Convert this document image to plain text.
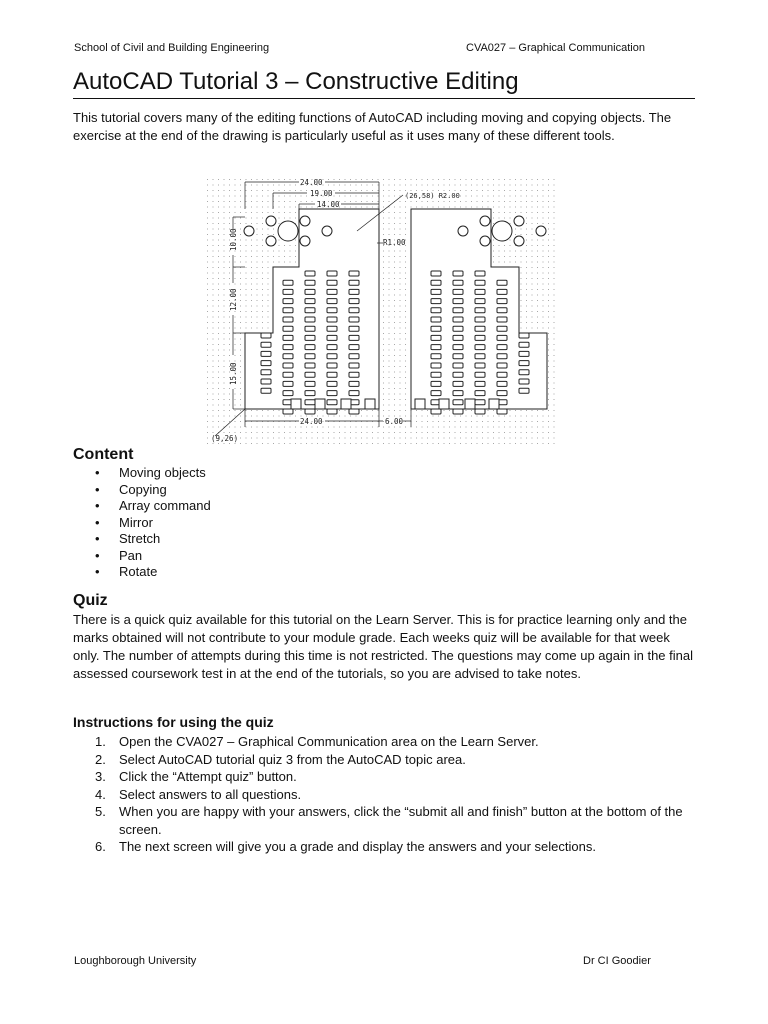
School of Civil and Building Engineering	CVA027 – Graphical Communication
AutoCAD Tutorial 3 – Constructive Editing

This tutorial covers many of the editing functions of AutoCAD including moving and copying objects. The exercise at the end of the drawing is particularly useful as it uses many of these different tools.

24.00
19.00
14.00
(26,58) R2.00
R1.00
10.00
12.00
15.00
24.00	6.00
(9,26)
Content
• Moving objects
• Copying
• Array command
• Mirror
• Stretch
• Pan
• Rotate
Quiz

There is a quick quiz available for this tutorial on the Learn Server. This is for practice learning only and the marks obtained will not contribute to your module grade. Each weeks quiz will be available for that week only. The number of attempts during this time is not restricted. The questions may come up again in the final assessed coursework test in at the end of the tutorials, so you are advised to take notes.

Instructions for using the quiz
1. Open the CVA027 – Graphical Communication area on the Learn Server.
2. Select AutoCAD tutorial quiz 3 from the AutoCAD topic area.
3. Click the “Attempt quiz” button.
4. Select answers to all questions.
5. When you are happy with your answers, click the “submit all and finish” button at the bottom of the screen.
6. The next screen will give you a grade and display the answers and your selections.
Loughborough University	Dr CI Goodier
